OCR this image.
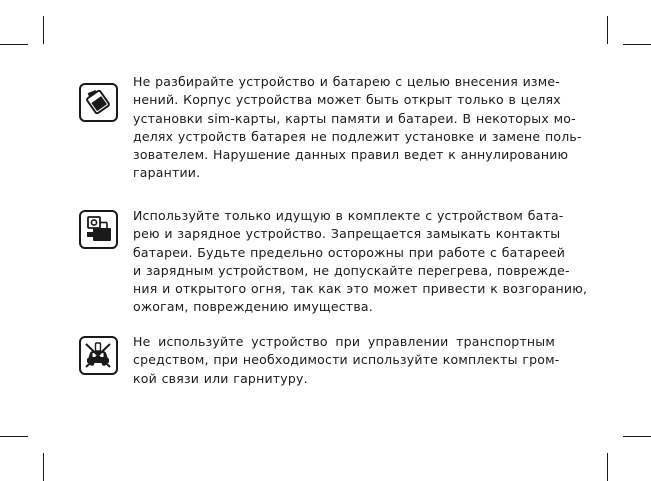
Не разбирайте устройство и батарею с целью внесения изме-
нений. Корпус устройства может быть открыт только в целях
установки sim-карты, карты памяти и батареи. В некоторых мо-
делях устройств батарея не подлежит установке и замене поль-
зователем. Нарушение данных правил ведет к аннулированию
гарантии.
Используйте только идущую в комплекте с устройством бата-
рею и зарядное устройство. Запрещается замыкать контакты
батареи. Будьте предельно осторожны при работе с батареей
и зарядным устройством, не допускайте перегрева, поврежде-
ния и открытого огня, так как это может привести к возгоранию,
ожогам, повреждению имущества.
Не используйте устройство при управлении транспортным
средством, при необходимости используйте комплекты гром-
кой связи или гарнитуру.
